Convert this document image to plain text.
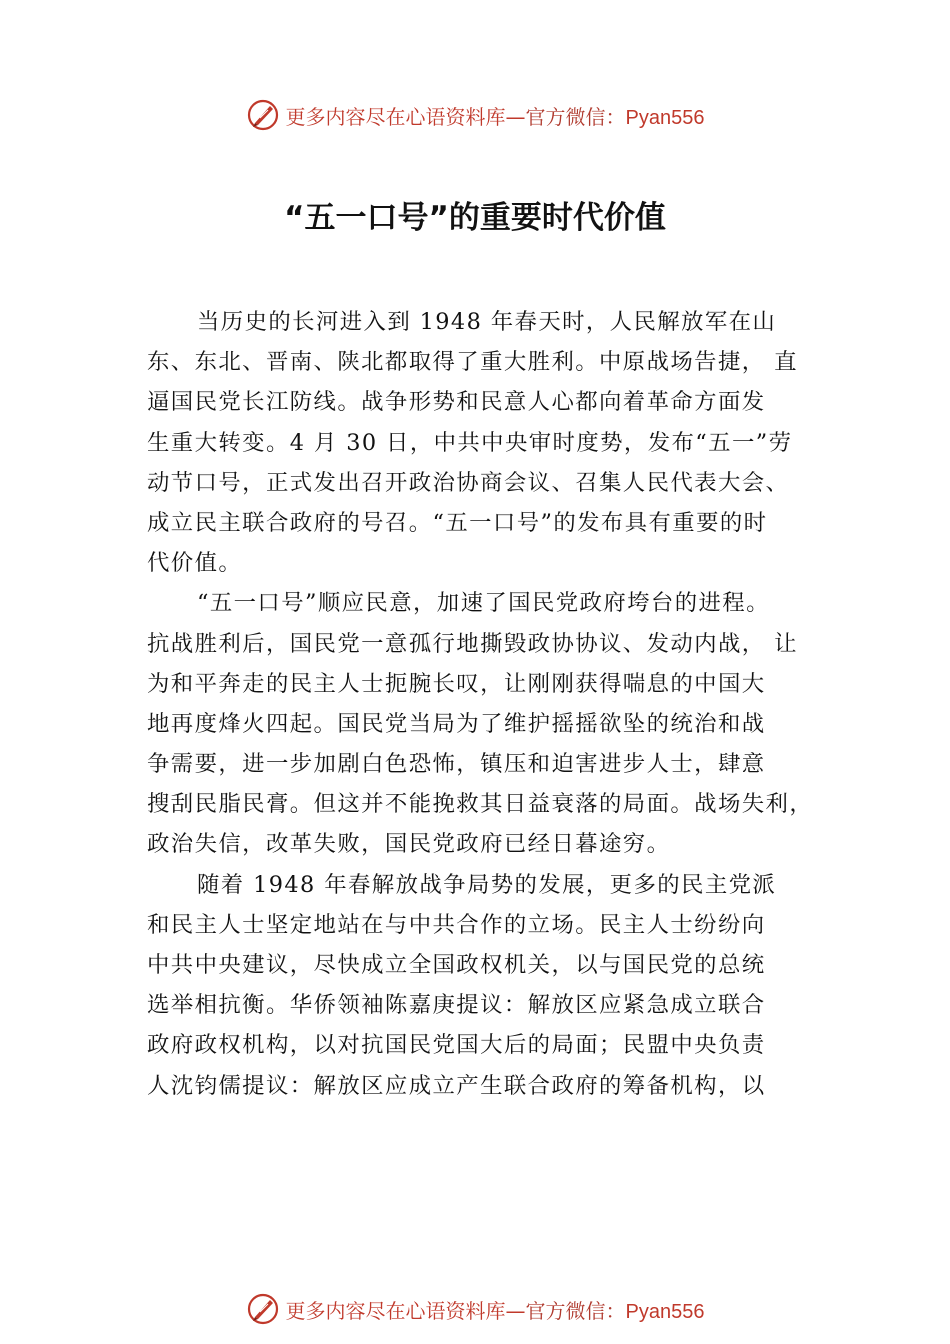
更多内容尽在心语资料库—官方微信：Pyan556
“五一口号”的重要时代价值
当历史的长河进入到 1948 年春天时，人民解放军在山
东、东北、晋南、陕北都取得了重大胜利。中原战场告捷， 直
逼国民党长江防线。战争形势和民意人心都向着革命方面发
生重大转变。4 月 30 日，中共中央审时度势，发布“五一”劳
动节口号，正式发出召开政治协商会议、召集人民代表大会、
成立民主联合政府的号召。“五一口号”的发布具有重要的时
代价值。
“五一口号”顺应民意，加速了国民党政府垮台的进程。
抗战胜利后，国民党一意孤行地撕毁政协协议、发动内战， 让
为和平奔走的民主人士扼腕长叹，让刚刚获得喘息的中国大
地再度烽火四起。国民党当局为了维护摇摇欲坠的统治和战
争需要，进一步加剧白色恐怖，镇压和迫害进步人士，肆意
搜刮民脂民膏。但这并不能挽救其日益衰落的局面。战场失利，
政治失信，改革失败，国民党政府已经日暮途穷。
随着 1948 年春解放战争局势的发展，更多的民主党派
和民主人士坚定地站在与中共合作的立场。民主人士纷纷向
中共中央建议，尽快成立全国政权机关，以与国民党的总统
选举相抗衡。华侨领袖陈嘉庚提议：解放区应紧急成立联合
政府政权机构，以对抗国民党国大后的局面；民盟中央负责
人沈钧儒提议：解放区应成立产生联合政府的筹备机构，以
更多内容尽在心语资料库—官方微信：Pyan556
